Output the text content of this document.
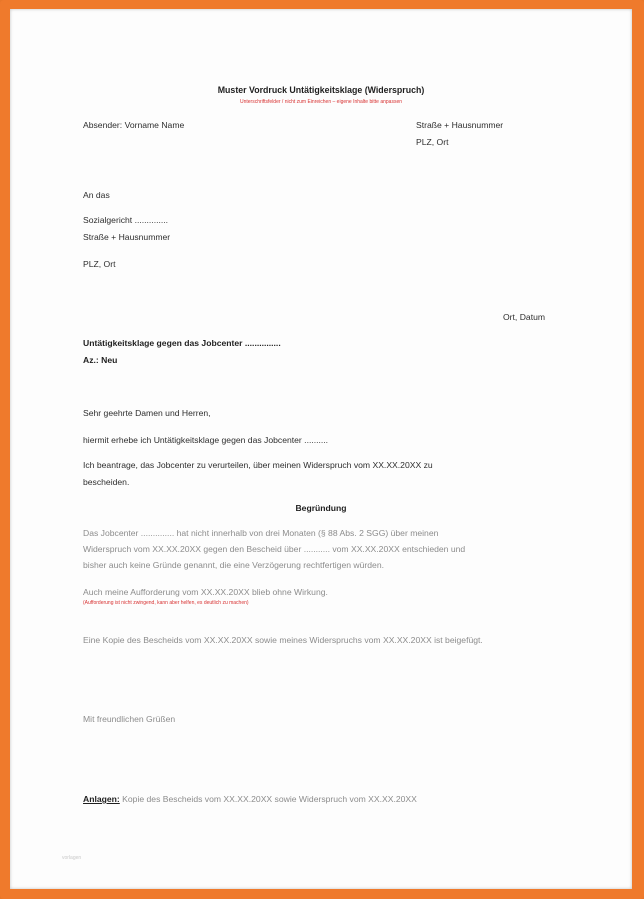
Muster Vordruck Untätigkeitsklage (Widerspruch)
Unterschriftsfelder / nicht zum Einreichen – eigene Inhalte bitte anpassen
Absender: Vorname Name	Straße + Hausnummer
PLZ, Ort
An das
Sozialgericht ..............
Straße + Hausnummer
PLZ, Ort
Ort, Datum
Untätigkeitsklage gegen das Jobcenter ...............
Az.: Neu
Sehr geehrte Damen und Herren,
hiermit erhebe ich Untätigkeitsklage gegen das Jobcenter ..........
Ich beantrage, das Jobcenter zu verurteilen, über meinen Widerspruch vom XX.XX.20XX zu
bescheiden.
Begründung
Das Jobcenter .............. hat nicht innerhalb von drei Monaten (§ 88 Abs. 2 SGG) über meinen
Widerspruch vom XX.XX.20XX gegen den Bescheid über ........... vom XX.XX.20XX entschieden und
bisher auch keine Gründe genannt, die eine Verzögerung rechtfertigen würden.
Auch meine Aufforderung vom XX.XX.20XX blieb ohne Wirkung.
(Aufforderung ist nicht zwingend, kann aber helfen, es deutlich zu machen)
Eine Kopie des Bescheids vom XX.XX.20XX sowie meines Widerspruchs vom XX.XX.20XX ist beigefügt.
Mit freundlichen Grüßen
Anlagen: Kopie des Bescheids vom XX.XX.20XX sowie Widerspruch vom XX.XX.20XX
vorlagen
